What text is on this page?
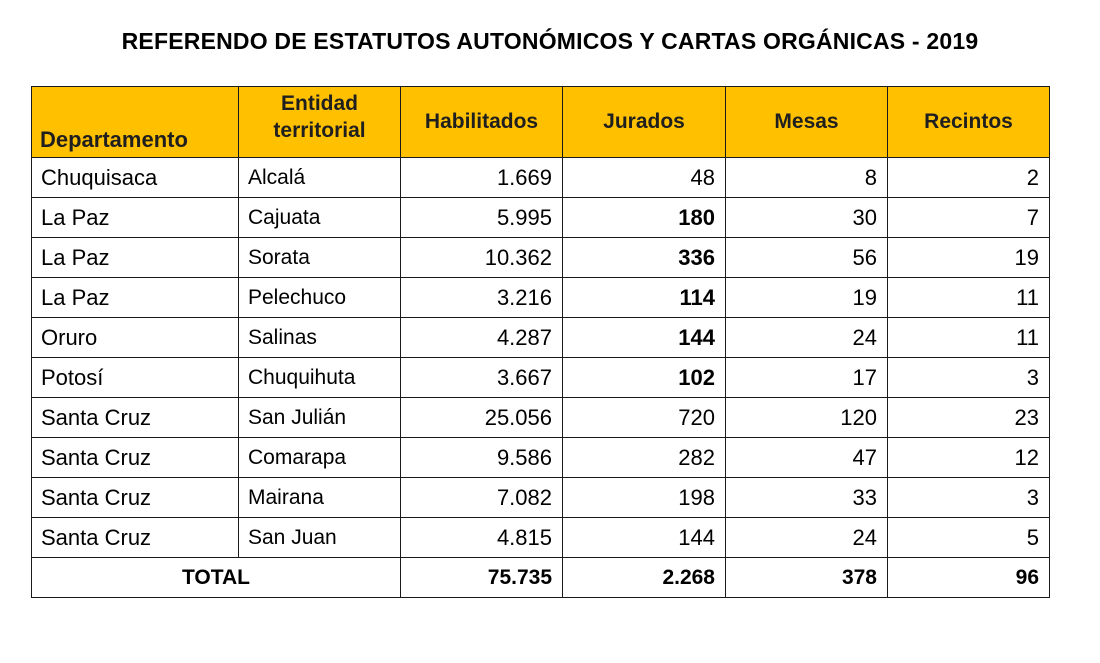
REFERENDO DE ESTATUTOS AUTONÓMICOS Y CARTAS ORGÁNICAS - 2019
Departamento	Entidad territorial	Habilitados	Jurados	Mesas	Recintos
Chuquisaca	Alcalá	1.669	48	8	2
La Paz	Cajuata	5.995	180	30	7
La Paz	Sorata	10.362	336	56	19
La Paz	Pelechuco	3.216	114	19	11
Oruro	Salinas	4.287	144	24	11
Potosí	Chuquihuta	3.667	102	17	3
Santa Cruz	San Julián	25.056	720	120	23
Santa Cruz	Comarapa	9.586	282	47	12
Santa Cruz	Mairana	7.082	198	33	3
Santa Cruz	San Juan	4.815	144	24	5
TOTAL		75.735	2.268	378	96
